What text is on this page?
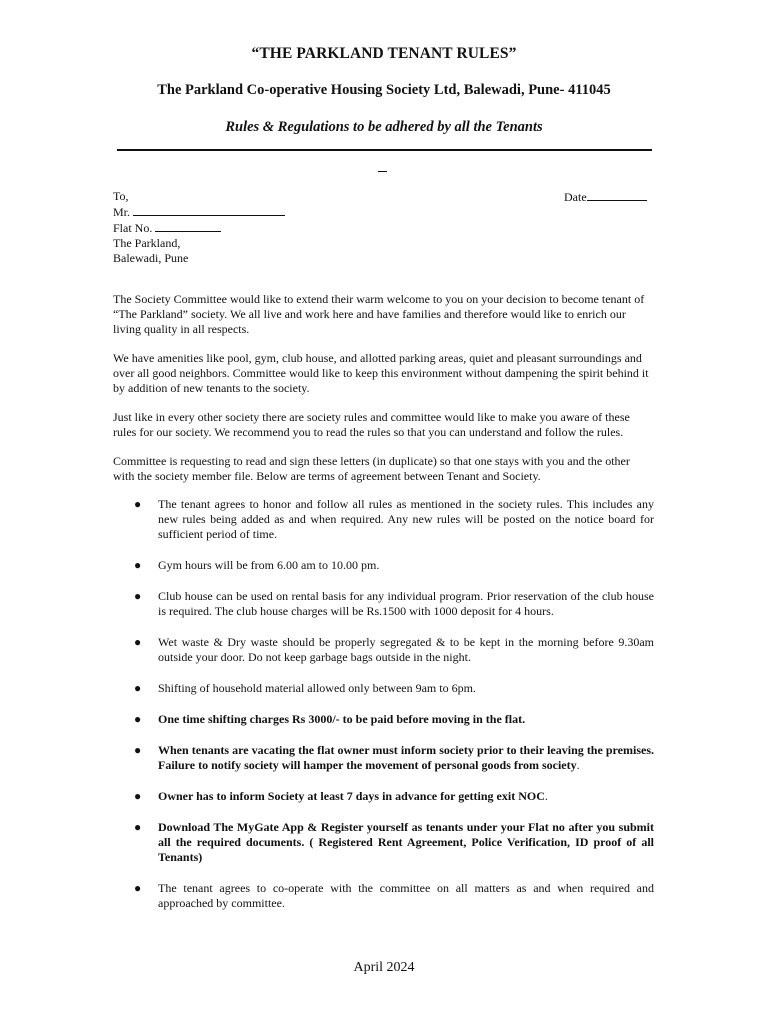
“THE PARKLAND TENANT RULES”
The Parkland Co-operative Housing Society Ltd, Balewadi, Pune- 411045
Rules & Regulations to be adhered by all the Tenants
To,
Mr.
Flat No.
The Parkland,
Balewadi, Pune
Date

The Society Committee would like to extend their warm welcome to you on your decision to become tenant of “The Parkland” society. We all live and work here and have families and therefore would like to enrich our living quality in all respects.

We have amenities like pool, gym, club house, and allotted parking areas, quiet and pleasant surroundings and over all good neighbors. Committee would like to keep this environment without dampening the spirit behind it by addition of new tenants to the society.

Just like in every other society there are society rules and committee would like to make you aware of these rules for our society. We recommend you to read the rules so that you can understand and follow the rules.

Committee is requesting to read and sign these letters (in duplicate) so that one stays with you and the other with the society member file. Below are terms of agreement between Tenant and Society.

● The tenant agrees to honor and follow all rules as mentioned in the society rules. This includes any new rules being added as and when required. Any new rules will be posted on the notice board for sufficient period of time.
● Gym hours will be from 6.00 am to 10.00 pm.
● Club house can be used on rental basis for any individual program. Prior reservation of the club house is required. The club house charges will be Rs.1500 with 1000 deposit for 4 hours.
● Wet waste & Dry waste should be properly segregated & to be kept in the morning before 9.30am outside your door. Do not keep garbage bags outside in the night.
● Shifting of household material allowed only between 9am to 6pm.
● One time shifting charges Rs 3000/- to be paid before moving in the flat.
● When tenants are vacating the flat owner must inform society prior to their leaving the premises. Failure to notify society will hamper the movement of personal goods from society.
● Owner has to inform Society at least 7 days in advance for getting exit NOC.
● Download The MyGate App & Register yourself as tenants under your Flat no after you submit all the required documents. ( Registered Rent Agreement, Police Verification, ID proof of all Tenants)
● The tenant agrees to co-operate with the committee on all matters as and when required and approached by committee.
April 2024
